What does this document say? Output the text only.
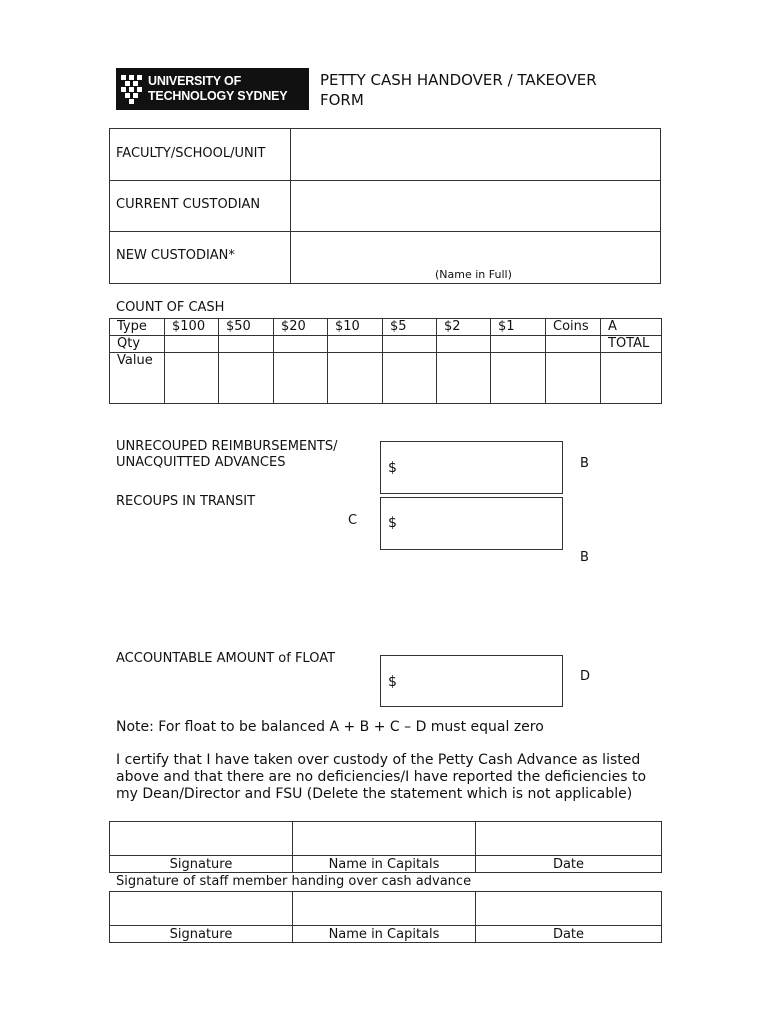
UNIVERSITY OF
TECHNOLOGY SYDNEY
PETTY CASH HANDOVER / TAKEOVER
FORM
FACULTY/SCHOOL/UNIT
CURRENT CUSTODIAN
NEW CUSTODIAN*
(Name in Full)
COUNT OF CASH
Type	$100	$50	$20	$10	$5	$2	$1	Coins	A
Qty									TOTAL
Value									
UNRECOUPED REIMBURSEMENTS/
UNACQUITTED ADVANCES	$	B
RECOUPS IN TRANSIT
C $
B
ACCOUNTABLE AMOUNT of FLOAT
$	D
Note: For float to be balanced A + B + C – D must equal zero
I certify that I have taken over custody of the Petty Cash Advance as listed
above and that there are no deficiencies/I have reported the deficiencies to
my Dean/Director and FSU (Delete the statement which is not applicable)

Signature	Name in Capitals	Date
Signature of staff member handing over cash advance

Signature	Name in Capitals	Date
